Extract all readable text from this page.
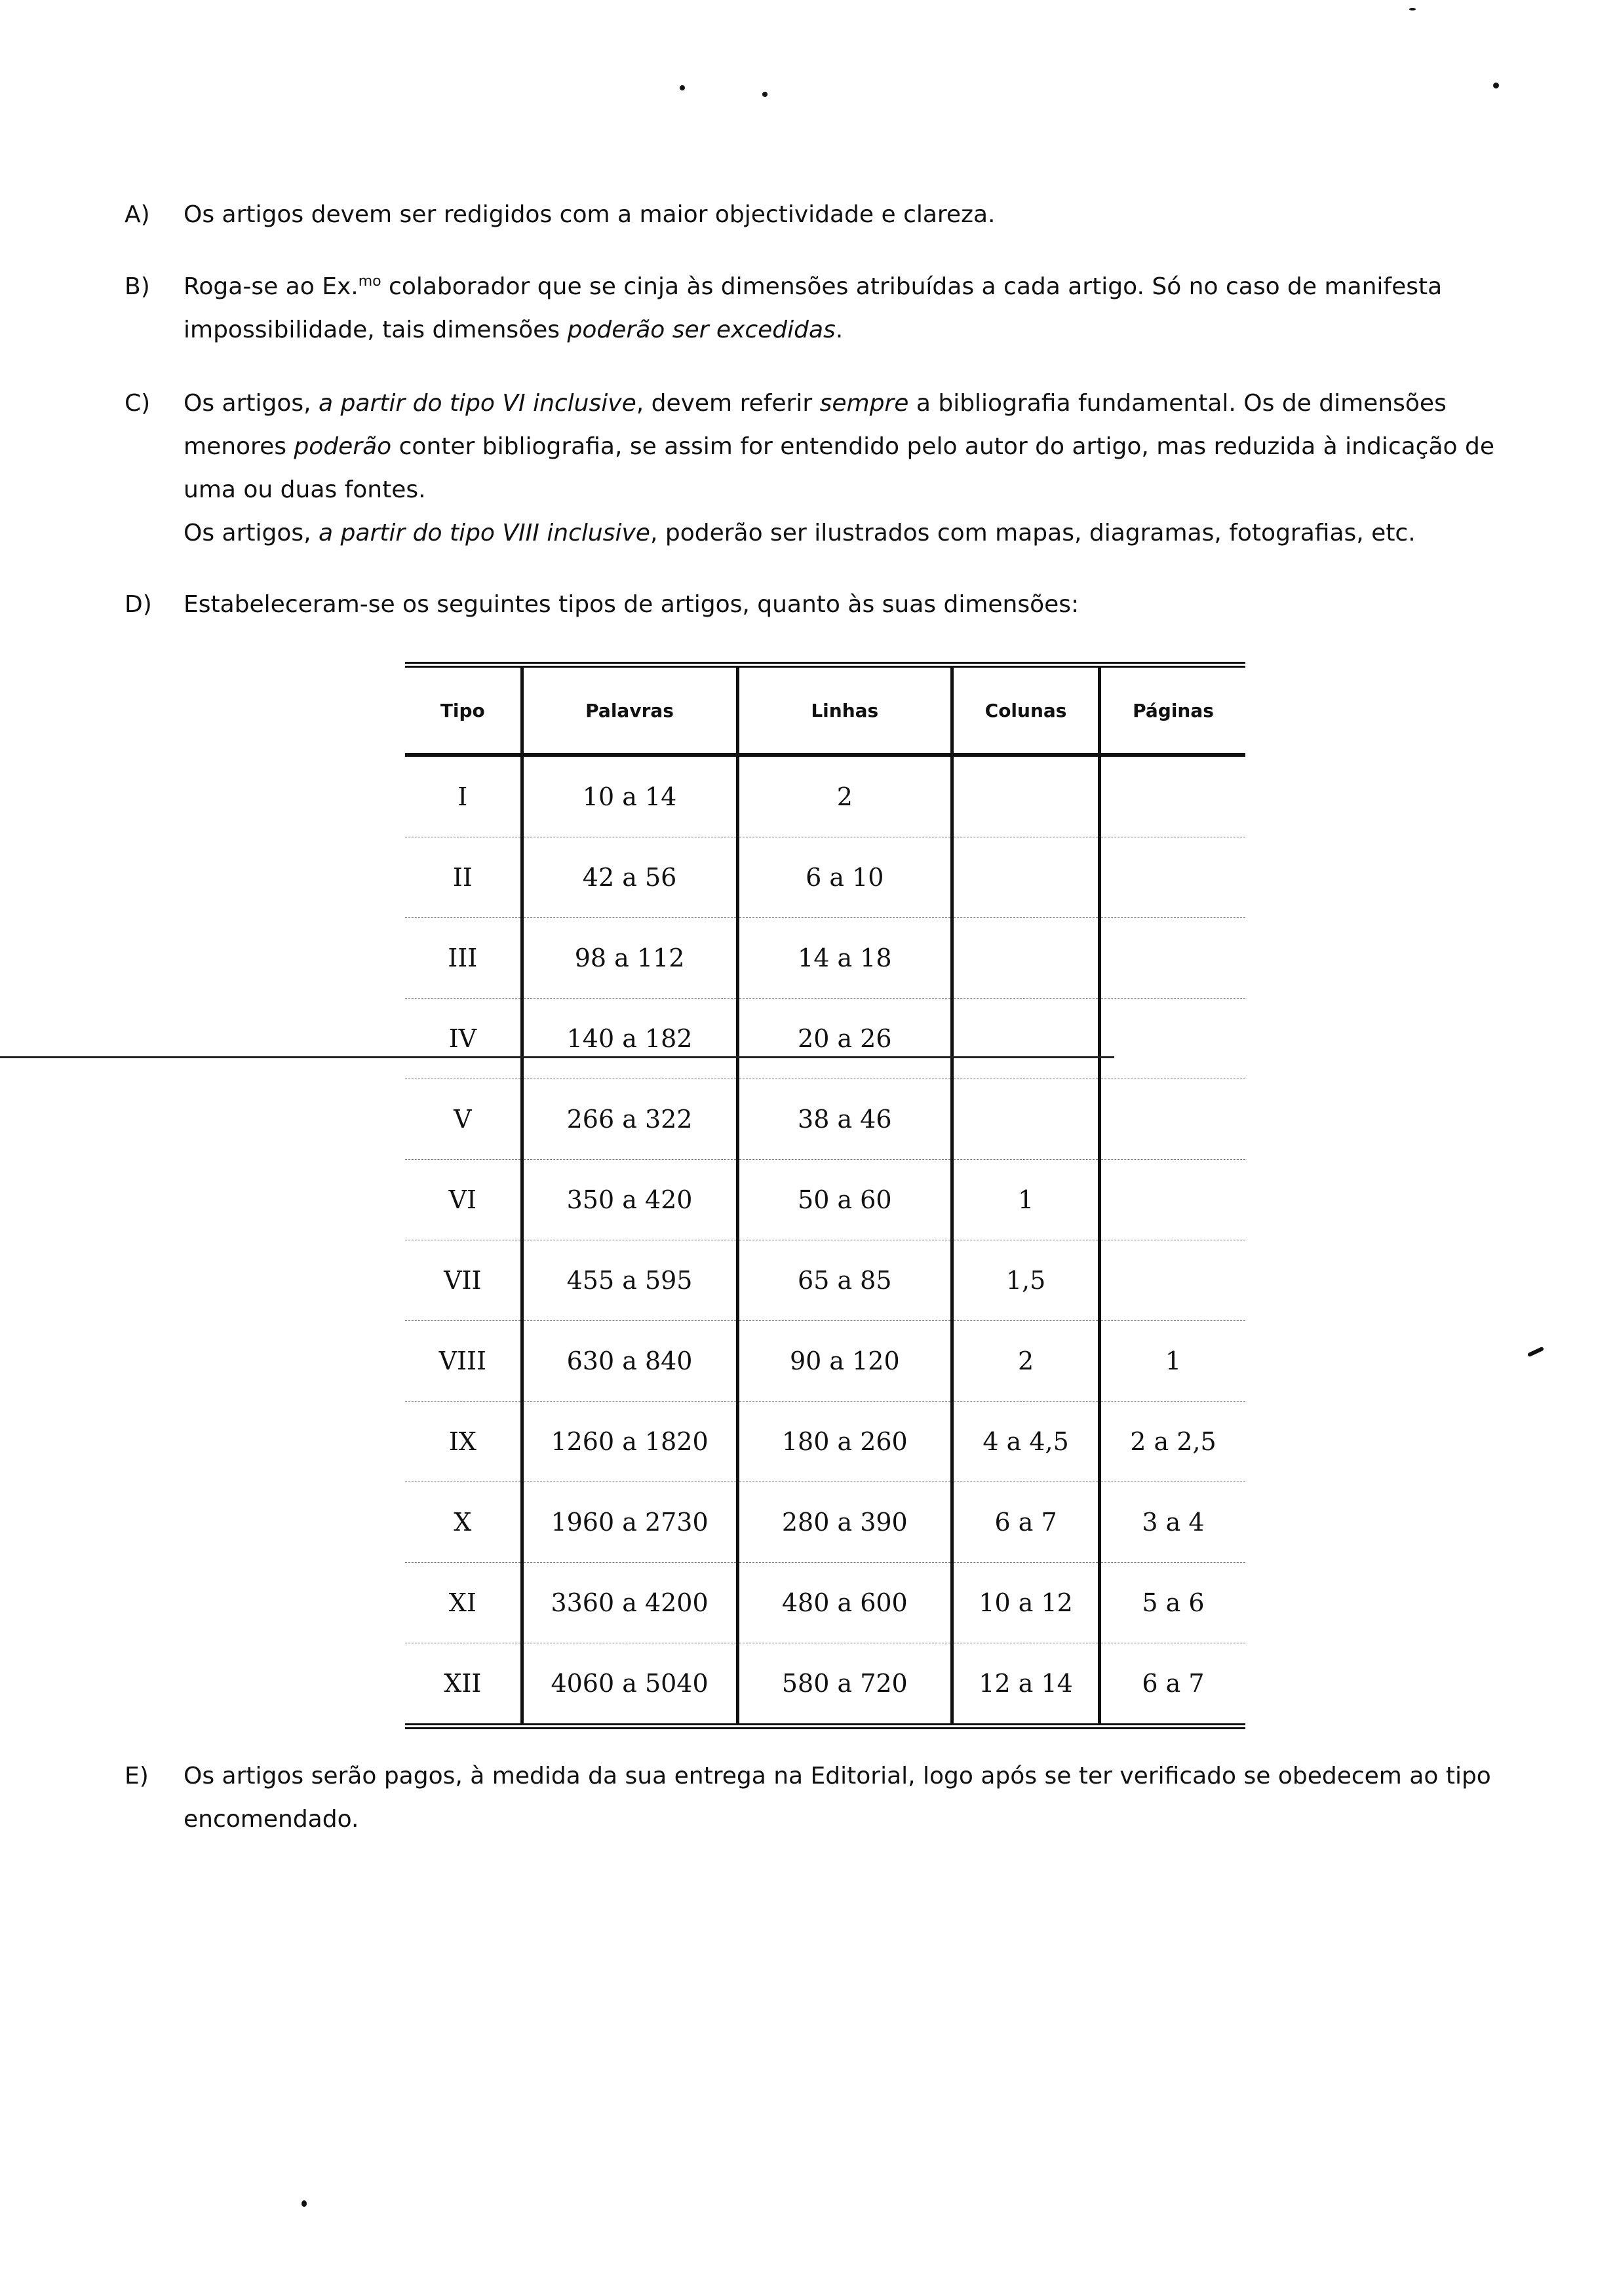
A)	Os artigos devem ser redigidos com a maior objectividade e clareza.
B)	Roga-se ao Ex.$^{mo}$ colaborador que se cinja às dimensões atribuídas a cada artigo. Só no caso de manifesta impossibilidade, tais dimensões poderão ser excedidas.
C)	Os artigos, a partir do tipo VI inclusive, devem referir sempre a bibliografia fundamental. Os de dimensões menores poderão conter bibliografia, se assim for entendido pelo autor do artigo, mas reduzida à indicação de uma ou duas fontes.

Os artigos, a partir do tipo VIII inclusive, poderão ser ilustrados com mapas, diagramas, fotografias, etc.

D)	Estabeleceram-se os seguintes tipos de artigos, quanto às suas dimensões:
Tipo	Palavras	Linhas	Colunas	Páginas
I	10 a 14	2		
II	42 a 56	6 a 10		
III	98 a 112	14 a 18		
IV	140 a 182	20 a 26		
V	266 a 322	38 a 46		
VI	350 a 420	50 a 60	1	
VII	455 a 595	65 a 85	1,5	
VIII	630 a 840	90 a 120	2	1
IX	1260 a 1820	180 a 260	4 a 4,5	2 a 2,5
X	1960 a 2730	280 a 390	6 a 7	3 a 4
XI	3360 a 4200	480 a 600	10 a 12	5 a 6
XII	4060 a 5040	580 a 720	12 a 14	6 a 7
E)	Os artigos serão pagos, à medida da sua entrega na Editorial, logo após se ter verificado se obedecem ao tipo encomendado.
